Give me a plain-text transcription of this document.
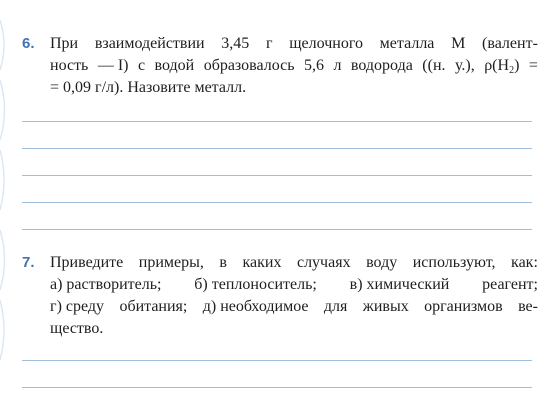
6. При взаимодействии 3,45 г щелочного металла М (валент-
ность — I) с водой образовалось 5,6 л водорода ((н. у.), $\rho(Н_2)$ =
= 0,09 г/л). Назовите металл.
7. Приведите примеры, в каких случаях воду используют, как:
а) растворитель; б) теплоноситель; в) химический реагент;
г) среду обитания; д) необходимое для живых организмов ве-
щество.
